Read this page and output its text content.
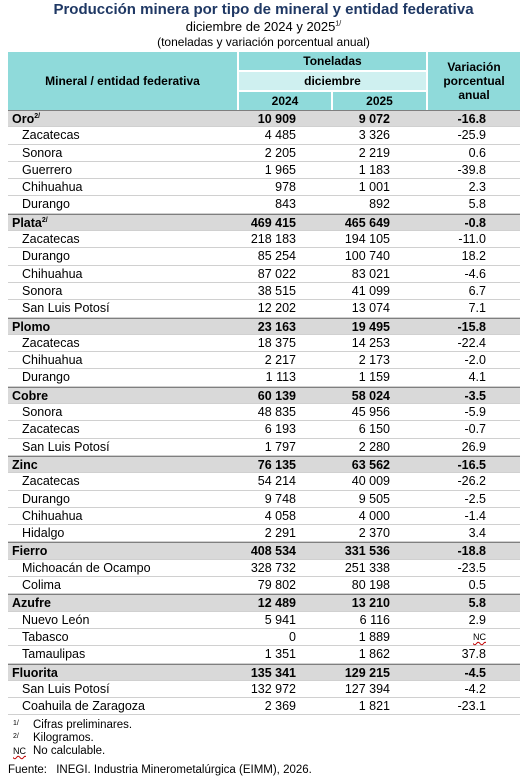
Producción minera por tipo de mineral y entidad federativa
diciembre de 2024 y $2025^{1/}$
(toneladas y variación porcentual anual)
Mineral / entidad federativa
Toneladas
diciembre
2024	2025
Variación porcentual anual
Oro$^{2/}$	10 909	9 072	-16.8
Zacatecas	4 485	3 326	-25.9
Sonora	2 205	2 219	0.6
Guerrero	1 965	1 183	-39.8
Chihuahua	978	1 001	2.3
Durango	843	892	5.8
Plata$^{2/}$	469 415	465 649	-0.8
Zacatecas	218 183	194 105	-11.0
Durango	85 254	100 740	18.2
Chihuahua	87 022	83 021	-4.6
Sonora	38 515	41 099	6.7
San Luis Potosí	12 202	13 074	7.1
Plomo	23 163	19 495	-15.8
Zacatecas	18 375	14 253	-22.4
Chihuahua	2 217	2 173	-2.0
Durango	1 113	1 159	4.1
Cobre	60 139	58 024	-3.5
Sonora	48 835	45 956	-5.9
Zacatecas	6 193	6 150	-0.7
San Luis Potosí	1 797	2 280	26.9
Zinc	76 135	63 562	-16.5
Zacatecas	54 214	40 009	-26.2
Durango	9 748	9 505	-2.5
Chihuahua	4 058	4 000	-1.4
Hidalgo	2 291	2 370	3.4
Fierro	408 534	331 536	-18.8
Michoacán de Ocampo	328 732	251 338	-23.5
Colima	79 802	80 198	0.5
Azufre	12 489	13 210	5.8
Nuevo León	5 941	6 116	2.9
Tabasco	0	1 889	NC
Tamaulipas	1 351	1 862	37.8
Fluorita	135 341	129 215	-4.5
San Luis Potosí	132 972	127 394	-4.2
Coahuila de Zaragoza	2 369	1 821	-23.1
1/ Cifras preliminares.
2/ Kilogramos.
NC No calculable.
Fuente: INEGI. Industria Minerometalúrgica (EIMM), 2026.
